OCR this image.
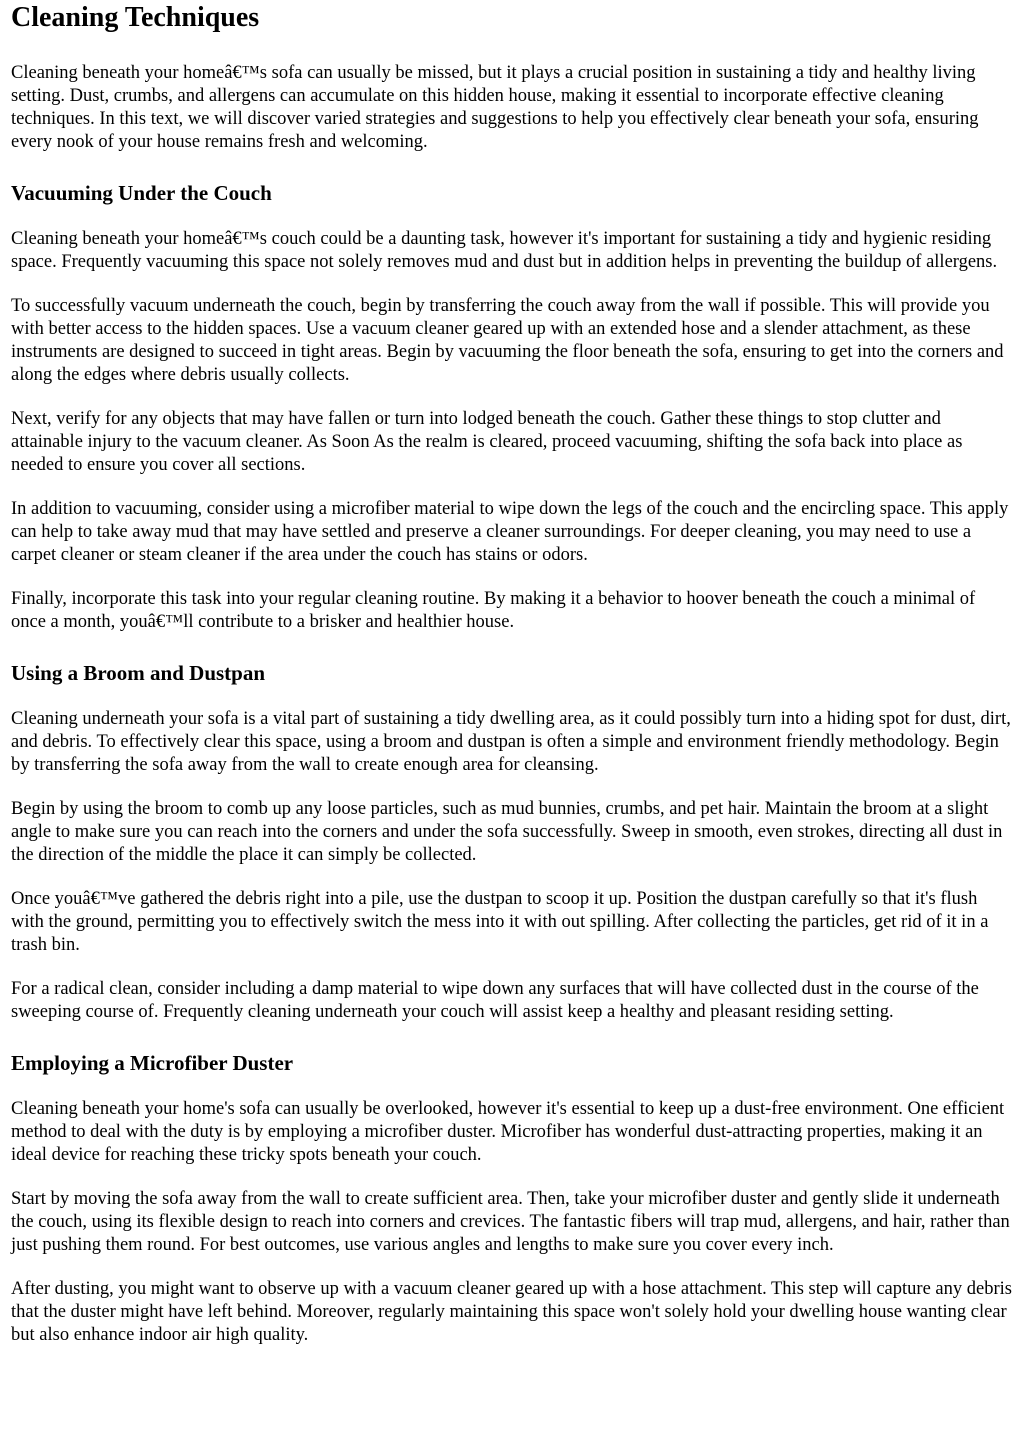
Cleaning Techniques

Cleaning beneath your homeâ€™s sofa can usually be missed, but it plays a crucial position in sustaining a tidy and healthy living setting. Dust, crumbs, and allergens can accumulate on this hidden house, making it essential to incorporate effective cleaning techniques. In this text, we will discover varied strategies and suggestions to help you effectively clear beneath your sofa, ensuring every nook of your house remains fresh and welcoming.

Vacuuming Under the Couch

Cleaning beneath your homeâ€™s couch could be a daunting task, however it's important for sustaining a tidy and hygienic residing space. Frequently vacuuming this space not solely removes mud and dust but in addition helps in preventing the buildup of allergens.

To successfully vacuum underneath the couch, begin by transferring the couch away from the wall if possible. This will provide you with better access to the hidden spaces. Use a vacuum cleaner geared up with an extended hose and a slender attachment, as these instruments are designed to succeed in tight areas. Begin by vacuuming the floor beneath the sofa, ensuring to get into the corners and along the edges where debris usually collects.

Next, verify for any objects that may have fallen or turn into lodged beneath the couch. Gather these things to stop clutter and attainable injury to the vacuum cleaner. As Soon As the realm is cleared, proceed vacuuming, shifting the sofa back into place as needed to ensure you cover all sections.

In addition to vacuuming, consider using a microfiber material to wipe down the legs of the couch and the encircling space. This apply can help to take away mud that may have settled and preserve a cleaner surroundings. For deeper cleaning, you may need to use a carpet cleaner or steam cleaner if the area under the couch has stains or odors.

Finally, incorporate this task into your regular cleaning routine. By making it a behavior to hoover beneath the couch a minimal of once a month, youâ€™ll contribute to a brisker and healthier house.

Using a Broom and Dustpan

Cleaning underneath your sofa is a vital part of sustaining a tidy dwelling area, as it could possibly turn into a hiding spot for dust, dirt, and debris. To effectively clear this space, using a broom and dustpan is often a simple and environment friendly methodology. Begin by transferring the sofa away from the wall to create enough area for cleansing.

Begin by using the broom to comb up any loose particles, such as mud bunnies, crumbs, and pet hair. Maintain the broom at a slight angle to make sure you can reach into the corners and under the sofa successfully. Sweep in smooth, even strokes, directing all dust in the direction of the middle the place it can simply be collected.

Once youâ€™ve gathered the debris right into a pile, use the dustpan to scoop it up. Position the dustpan carefully so that it's flush with the ground, permitting you to effectively switch the mess into it with out spilling. After collecting the particles, get rid of it in a trash bin.

For a radical clean, consider including a damp material to wipe down any surfaces that will have collected dust in the course of the sweeping course of. Frequently cleaning underneath your couch will assist keep a healthy and pleasant residing setting.

Employing a Microfiber Duster

Cleaning beneath your home's sofa can usually be overlooked, however it's essential to keep up a dust-free environment. One efficient method to deal with the duty is by employing a microfiber duster. Microfiber has wonderful dust-attracting properties, making it an ideal device for reaching these tricky spots beneath your couch.

Start by moving the sofa away from the wall to create sufficient area. Then, take your microfiber duster and gently slide it underneath the couch, using its flexible design to reach into corners and crevices. The fantastic fibers will trap mud, allergens, and hair, rather than just pushing them round. For best outcomes, use various angles and lengths to make sure you cover every inch.

After dusting, you might want to observe up with a vacuum cleaner geared up with a hose attachment. This step will capture any debris that the duster might have left behind. Moreover, regularly maintaining this space won't solely hold your dwelling house wanting clear but also enhance indoor air high quality.
